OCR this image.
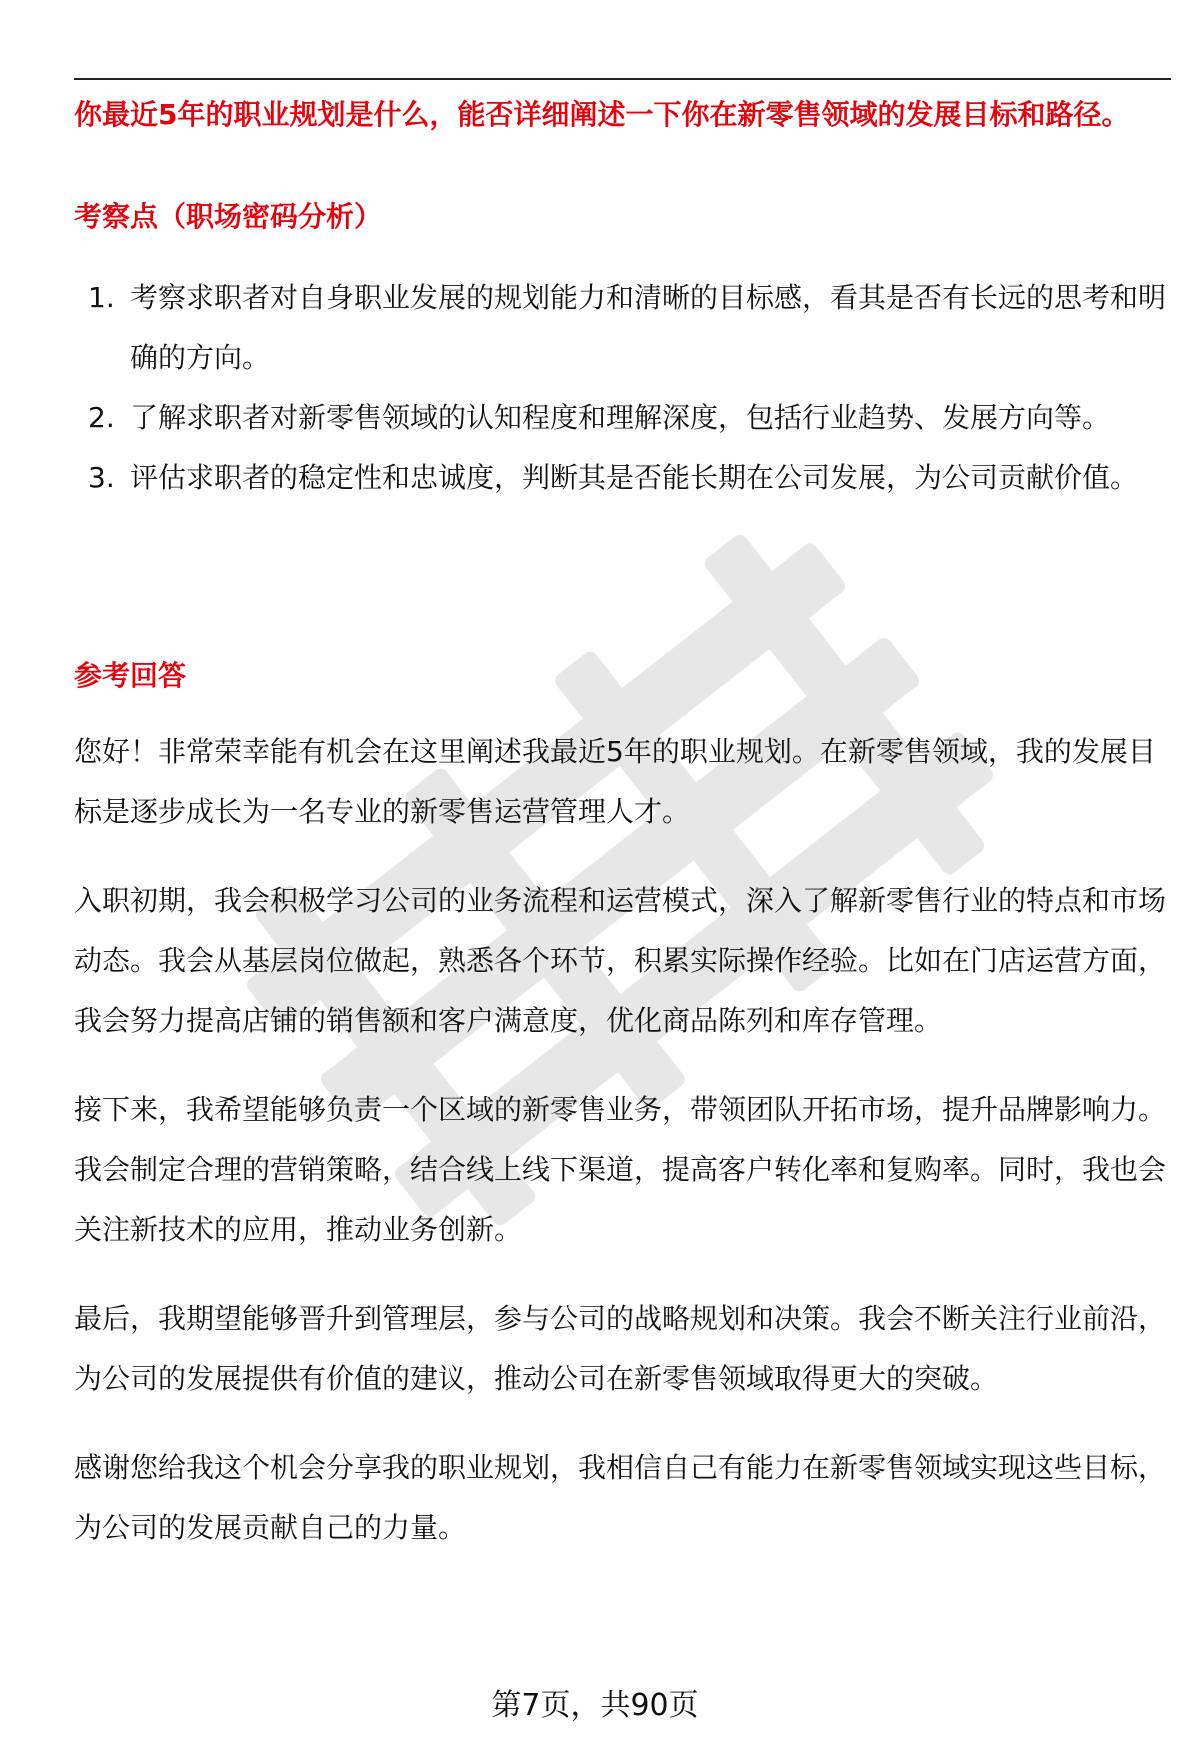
你最近5年的职业规划是什么，能否详细阐述一下你在新零售领域的发展目标和路径。
考察点（职场密码分析）
1. 考察求职者对自身职业发展的规划能力和清晰的目标感，看其是否有长远的思考和明确的方向。
2. 了解求职者对新零售领域的认知程度和理解深度，包括行业趋势、发展方向等。
3. 评估求职者的稳定性和忠诚度，判断其是否能长期在公司发展，为公司贡献价值。
参考回答

您好！非常荣幸能有机会在这里阐述我最近5年的职业规划。在新零售领域，我的发展目标是逐步成长为一名专业的新零售运营管理人才。

入职初期，我会积极学习公司的业务流程和运营模式，深入了解新零售行业的特点和市场动态。我会从基层岗位做起，熟悉各个环节，积累实际操作经验。比如在门店运营方面，我会努力提高店铺的销售额和客户满意度，优化商品陈列和库存管理。

接下来，我希望能够负责一个区域的新零售业务，带领团队开拓市场，提升品牌影响力。我会制定合理的营销策略，结合线上线下渠道，提高客户转化率和复购率。同时，我也会关注新技术的应用，推动业务创新。

最后，我期望能够晋升到管理层，参与公司的战略规划和决策。我会不断关注行业前沿，为公司的发展提供有价值的建议，推动公司在新零售领域取得更大的突破。

感谢您给我这个机会分享我的职业规划，我相信自己有能力在新零售领域实现这些目标，为公司的发展贡献自己的力量。

第7页，共90页
